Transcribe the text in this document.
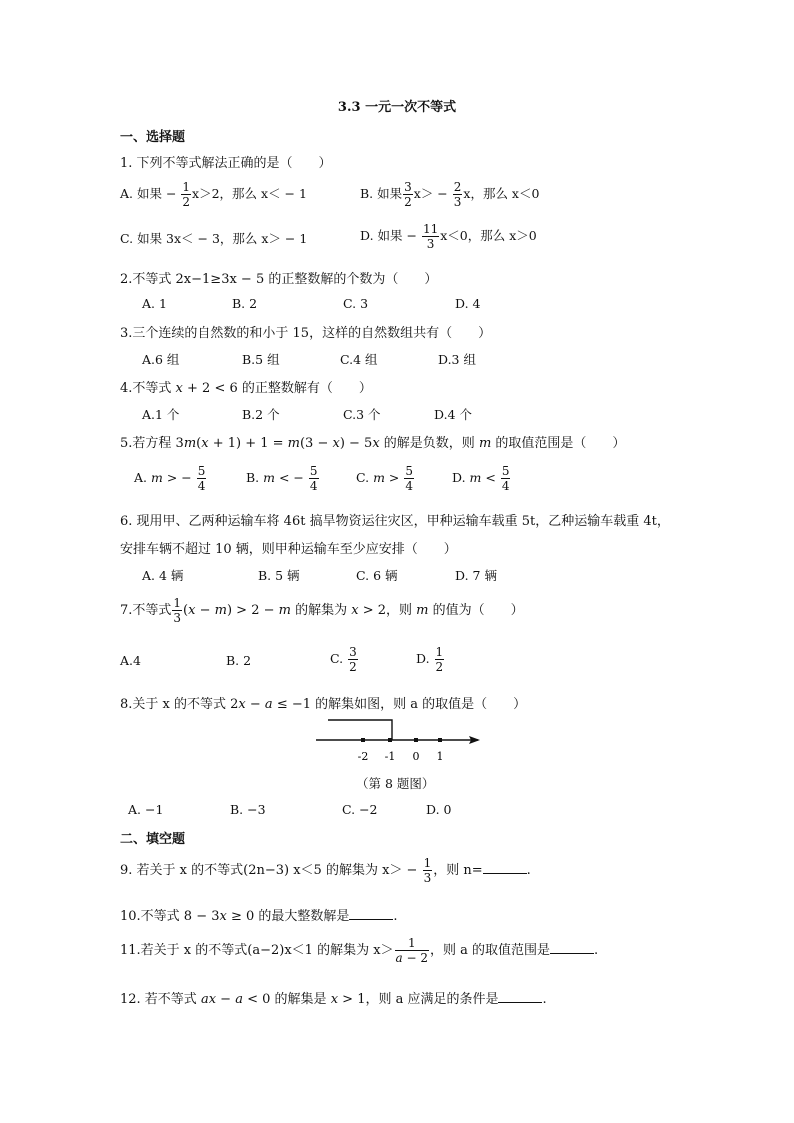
3.3 一元一次不等式
一、选择题
1. 下列不等式解法正确的是（　　）
A. 如果 − $\frac{1}{2} x>2$，那么 x＜ − 1	B. 如果 $\frac{3}{2} x> - \frac{2}{3}$ x，那么 x＜0
C. 如果 3x＜ − 3，那么 x＞ − 1	D. 如果 − $\frac{11}{3} x<0$，那么 x＞0
2.不等式 2x−1≥3x − 5 的正整数解的个数为（　　）
A. 1	B. 2	C. 3	D. 4
3.三个连续的自然数的和小于 15，这样的自然数组共有（　　）
A.6 组	B.5 组	C.4 组	D.3 组
4.不等式 x + 2 < 6 的正整数解有（　　）
A.1 个	B.2 个	C.3 个	D.4 个
5.若方程 3m(x + 1) + 1 = m(3 − x) − 5x 的解是负数，则 m 的取值范围是（　　）
A. m > − $\frac{5}{4}$	B. m < − $\frac{5}{4}$	C. $m > \frac{5}{4}$	D. $m < \frac{5}{4}$
6. 现用甲、乙两种运输车将 46t 搞旱物资运往灾区，甲种运输车载重 5t，乙种运输车载重 4t，
安排车辆不超过 10 辆，则甲种运输车至少应安排（　　）
A. 4 辆	B. 5 辆	C. 6 辆	D. 7 辆
7.不等式 $\frac{1}{3} (x - m) > 2 - m$ 的解集为 x > 2，则 m 的值为（　　）
A.4	B. 2	C. $\frac{3}{2}$	D. $\frac{1}{2}$
8.关于 x 的不等式 2x − a ≤ −1 的解集如图，则 a 的取值是（　　）
-2 -1 0 1
（第 8 题图）
A. −1	B. −3	C. −2	D. 0
二、填空题
9. 若关于 x 的不等式(2n−3) x＜5 的解集为 $x> - \frac{1}{3}$ ，则 n=	.
10.不等式 8 − 3x ≥ 0 的最大整数解是	.
11.若关于 x 的不等式(a−2)x＜1 的解集为 $x> \frac{1}{a - 2}$ ，则 a 的取值范围是	.
12. 若不等式 ax − a < 0 的解集是 x > 1，则 a 应满足的条件是	.
